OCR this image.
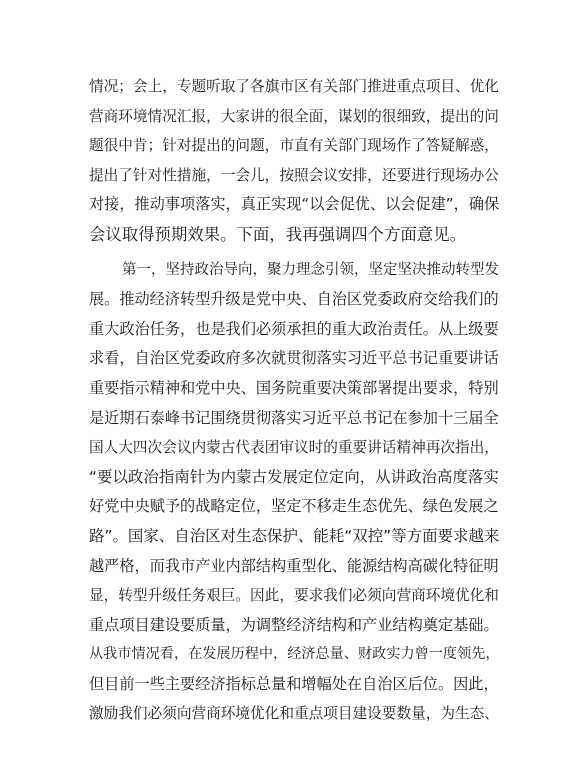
情况；会上，专题听取了各旗市区有关部门推进重点项目、优化
营商环境情况汇报，大家讲的很全面，谋划的很细致，提出的问
题很中肯；针对提出的问题，市直有关部门现场作了答疑解惑，
提出了针对性措施，一会儿，按照会议安排，还要进行现场办公
对接，推动事项落实，真正实现“以会促优、以会促建”，确保
会议取得预期效果。下面，我再强调四个方面意见。
第一，坚持政治导向，聚力理念引领，坚定坚决推动转型发
展。推动经济转型升级是党中央、自治区党委政府交给我们的
重大政治任务，也是我们必须承担的重大政治责任。从上级要
求看，自治区党委政府多次就贯彻落实习近平总书记重要讲话
重要指示精神和党中央、国务院重要决策部署提出要求，特别
是近期石泰峰书记围绕贯彻落实习近平总书记在参加十三届全
国人大四次会议内蒙古代表团审议时的重要讲话精神再次指出，
“要以政治指南针为内蒙古发展定位定向，从讲政治高度落实
好党中央赋予的战略定位，坚定不移走生态优先、绿色发展之
路”。国家、自治区对生态保护、能耗“双控”等方面要求越来
越严格，而我市产业内部结构重型化、能源结构高碳化特征明
显，转型升级任务艰巨。因此，要求我们必须向营商环境优化和
重点项目建设要质量，为调整经济结构和产业结构奠定基础。
从我市情况看，在发展历程中，经济总量、财政实力曾一度领先，
但目前一些主要经济指标总量和增幅处在自治区后位。因此，
激励我们必须向营商环境优化和重点项目建设要数量，为生态、
